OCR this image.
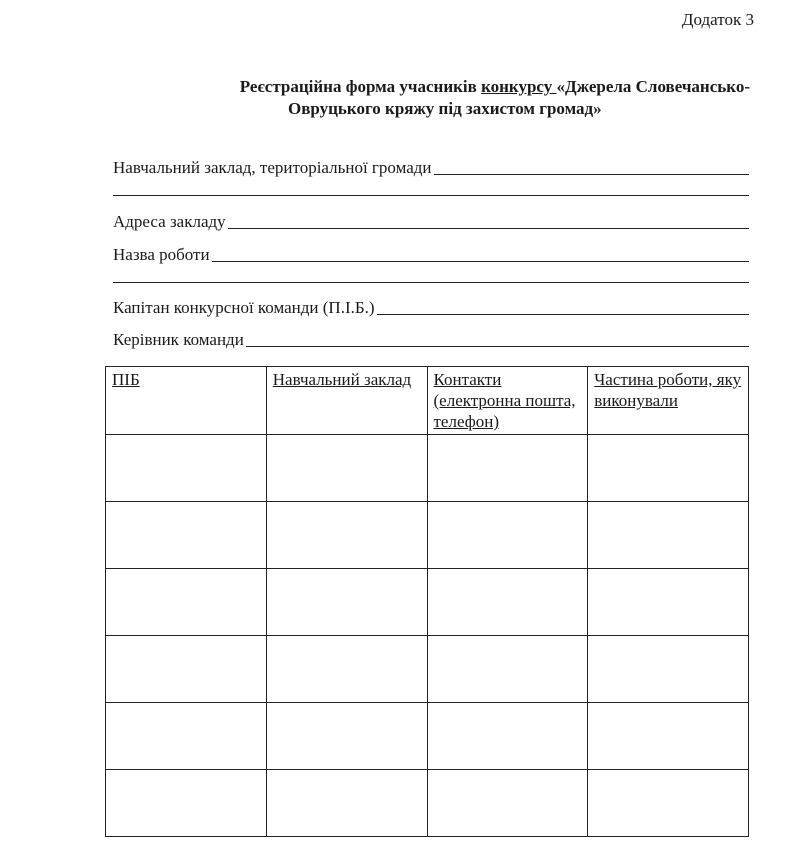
Додаток 3
Реєстраційна форма учасників конкурсу «Джерела Словечансько-
Овруцького кряжу під захистом громад»
Навчальний заклад, територіальної громади
Адреса закладу
Назва роботи
Капітан конкурсної команди (П.І.Б.)
Керівник команди
ПІБ	Навчальний заклад	Контакти (електронна пошта, телефон)	Частина роботи, яку виконували
